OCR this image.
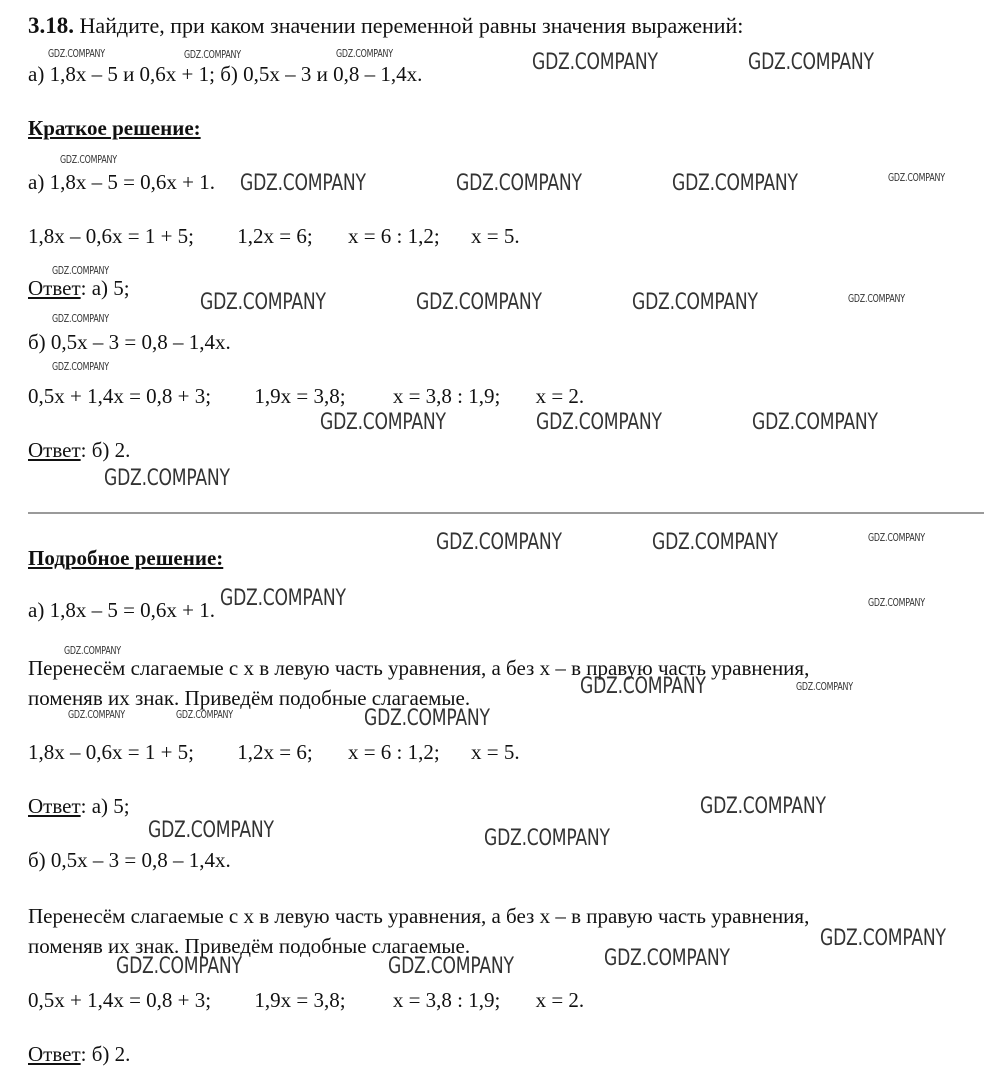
3.18. Найдите, при каком значении переменной равны значения выражений:
а) 1,8x – 5 и 0,6x + 1; б) 0,5x – 3 и 0,8 – 1,4x.
Краткое решение:
а) 1,8x – 5 = 0,6x + 1.
1,8x – 0,6x = 1 + 5; 1,2x = 6; x = 6 : 1,2; x = 5.
Ответ: а) 5;
б) 0,5x – 3 = 0,8 – 1,4x.
0,5x + 1,4x = 0,8 + 3; 1,9x = 3,8; x = 3,8 : 1,9; x = 2.
Ответ: б) 2.
Подробное решение:
а) 1,8x – 5 = 0,6x + 1.
Перенесём слагаемые с x в левую часть уравнения, а без x – в правую часть уравнения,
поменяв их знак. Приведём подобные слагаемые.
1,8x – 0,6x = 1 + 5; 1,2x = 6; x = 6 : 1,2; x = 5.
Ответ: а) 5;
б) 0,5x – 3 = 0,8 – 1,4x.
Перенесём слагаемые с x в левую часть уравнения, а без x – в правую часть уравнения,
поменяв их знак. Приведём подобные слагаемые.
0,5x + 1,4x = 0,8 + 3; 1,9x = 3,8; x = 3,8 : 1,9; x = 2.
Ответ: б) 2.
GDZ.COMPANY	GDZ.COMPANY	GDZ.COMPANY	GDZ.COMPANY	GDZ.COMPANY
GDZ.COMPANY
GDZ.COMPANY	GDZ.COMPANY	GDZ.COMPANY	GDZ.COMPANY
GDZ.COMPANY
GDZ.COMPANY	GDZ.COMPANY	GDZ.COMPANY	GDZ.COMPANY
GDZ.COMPANY
GDZ.COMPANY
GDZ.COMPANY	GDZ.COMPANY	GDZ.COMPANY
GDZ.COMPANY
GDZ.COMPANY	GDZ.COMPANY	GDZ.COMPANY
GDZ.COMPANY	GDZ.COMPANY
GDZ.COMPANY
GDZ.COMPANY	GDZ.COMPANY
GDZ.COMPANY	GDZ.COMPANY	GDZ.COMPANY
GDZ.COMPANY
GDZ.COMPANY	GDZ.COMPANY
GDZ.COMPANY
GDZ.COMPANY	GDZ.COMPANY	GDZ.COMPANY
